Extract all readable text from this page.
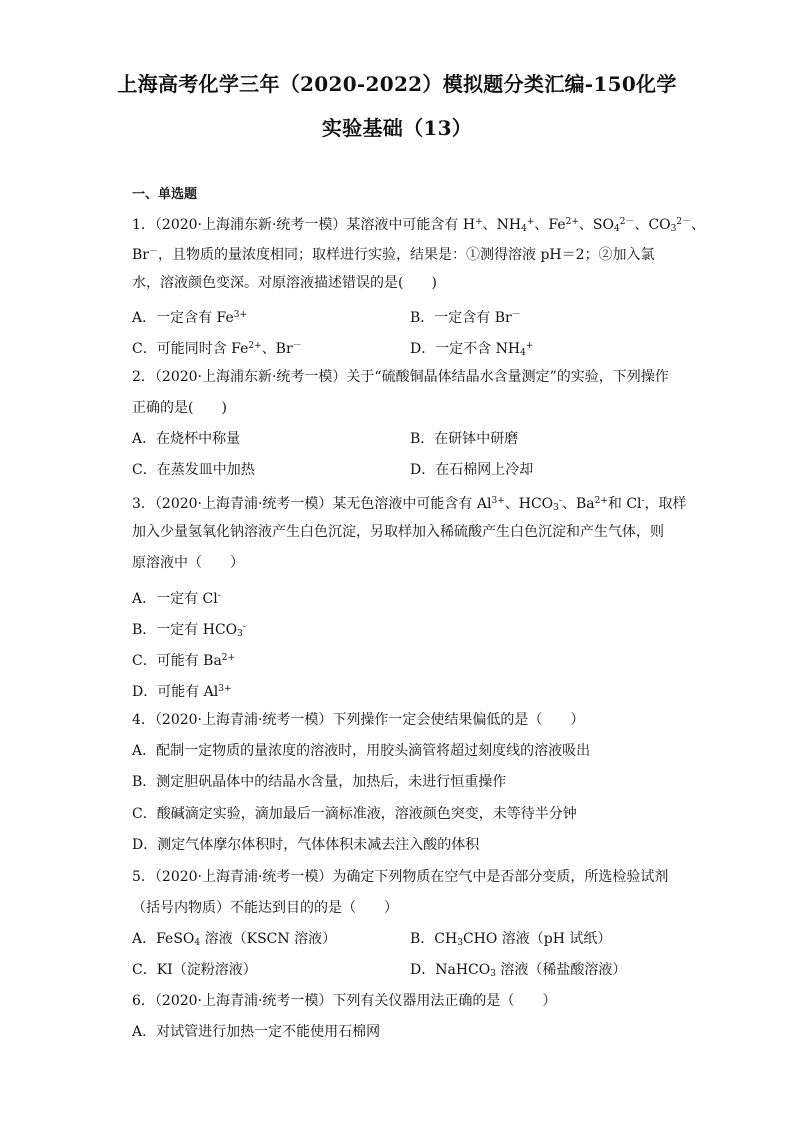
上海高考化学三年（2020-2022）模拟题分类汇编-150化学
实验基础（13）
一、单选题
1．（2020·上海浦东新·统考一模）某溶液中可能含有 H+、$NH_4^+$、$Fe^{2+}$、$SO_4^{2-}$、$CO_3^{2-}$、
Br－，且物质的量浓度相同；取样进行实验，结果是：①测得溶液 pH＝2；②加入氯
水，溶液颜色变深。对原溶液描述错误的是(　　)
A．一定含有 $Fe^{3+}$	B．一定含有 Br－
C．可能同时含 $Fe^{2+}$、Br－	D．一定不含 $NH_4^+$
2．（2020·上海浦东新·统考一模）关于“硫酸铜晶体结晶水含量测定”的实验，下列操作
正确的是(　　)
A．在烧杯中称量	B．在研钵中研磨
C．在蒸发皿中加热	D．在石棉网上冷却
3．（2020·上海青浦·统考一模）某无色溶液中可能含有 $Al^{3+}$、$HCO_3^-$、$Ba^{2+}$和 Cl-，取样
加入少量氢氧化钠溶液产生白色沉淀，另取样加入稀硫酸产生白色沉淀和产生气体，则
原溶液中（　　）
A．一定有 Cl-
B．一定有 $HCO_3^-$
C．可能有 $Ba^{2+}$
D．可能有 $Al^{3+}$
4．（2020·上海青浦·统考一模）下列操作一定会使结果偏低的是（　　）
A．配制一定物质的量浓度的溶液时，用胶头滴管将超过刻度线的溶液吸出
B．测定胆矾晶体中的结晶水含量，加热后，未进行恒重操作
C．酸碱滴定实验，滴加最后一滴标准液，溶液颜色突变，未等待半分钟
D．测定气体摩尔体积时，气体体积未减去注入酸的体积
5．（2020·上海青浦·统考一模）为确定下列物质在空气中是否部分变质，所选检验试剂
（括号内物质）不能达到目的的是（　　）
A．FeSO$_4$ 溶液（KSCN 溶液）	B．$CH_3CHO$ 溶液（pH 试纸）
C．KI（淀粉溶液）	D．NaHCO$_3$ 溶液（稀盐酸溶液）
6．（2020·上海青浦·统考一模）下列有关仪器用法正确的是（　　）
A．对试管进行加热一定不能使用石棉网
